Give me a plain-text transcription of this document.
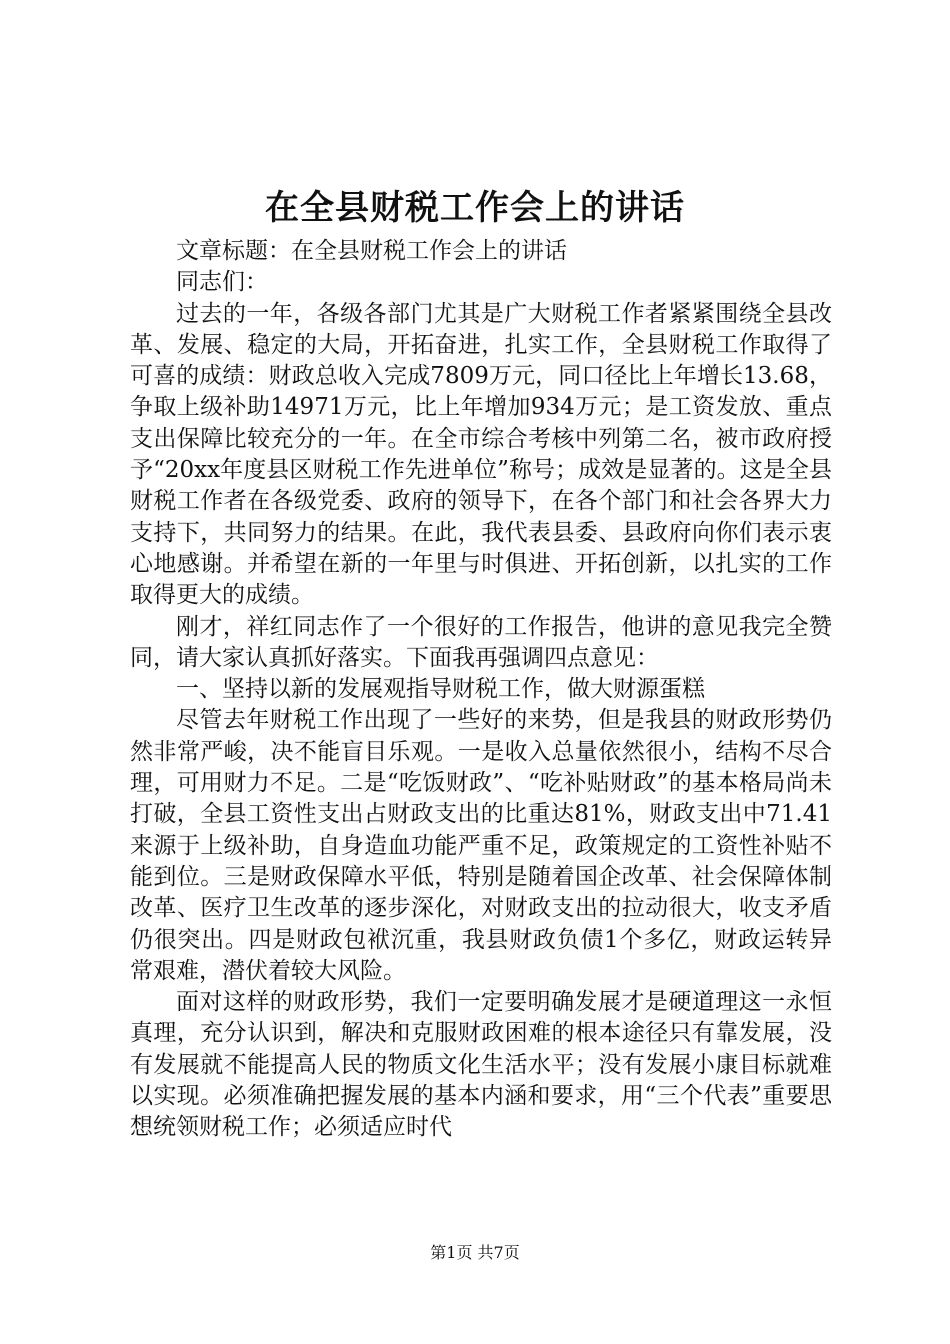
在全县财税工作会上的讲话

文章标题：在全县财税工作会上的讲话

同志们：

过去的一年，各级各部门尤其是广大财税工作者紧紧围绕全县改革、发展、稳定的大局，开拓奋进，扎实工作，全县财税工作取得了可喜的成绩：财政总收入完成7809万元，同口径比上年增长13.68，争取上级补助14971万元，比上年增加934万元；是工资发放、重点支出保障比较充分的一年。在全市综合考核中列第二名，被市政府授予“20xx年度县区财税工作先进单位”称号；成效是显著的。这是全县财税工作者在各级党委、政府的领导下，在各个部门和社会各界大力支持下，共同努力的结果。在此，我代表县委、县政府向你们表示衷心地感谢。并希望在新的一年里与时俱进、开拓创新，以扎实的工作取得更大的成绩。

刚才，祥红同志作了一个很好的工作报告，他讲的意见我完全赞同，请大家认真抓好落实。下面我再强调四点意见：

一、坚持以新的发展观指导财税工作，做大财源蛋糕

尽管去年财税工作出现了一些好的来势，但是我县的财政形势仍然非常严峻，决不能盲目乐观。一是收入总量依然很小，结构不尽合理，可用财力不足。二是“吃饭财政”、“吃补贴财政”的基本格局尚未打破，全县工资性支出占财政支出的比重达81%，财政支出中71.41来源于上级补助，自身造血功能严重不足，政策规定的工资性补贴不能到位。三是财政保障水平低，特别是随着国企改革、社会保障体制改革、医疗卫生改革的逐步深化，对财政支出的拉动很大，收支矛盾仍很突出。四是财政包袱沉重，我县财政负债1个多亿，财政运转异常艰难，潜伏着较大风险。

面对这样的财政形势，我们一定要明确发展才是硬道理这一永恒真理，充分认识到，解决和克服财政困难的根本途径只有靠发展，没有发展就不能提高人民的物质文化生活水平；没有发展小康目标就难以实现。必须准确把握发展的基本内涵和要求，用“三个代表”重要思想统领财税工作；必须适应时代

第1页 共7页
